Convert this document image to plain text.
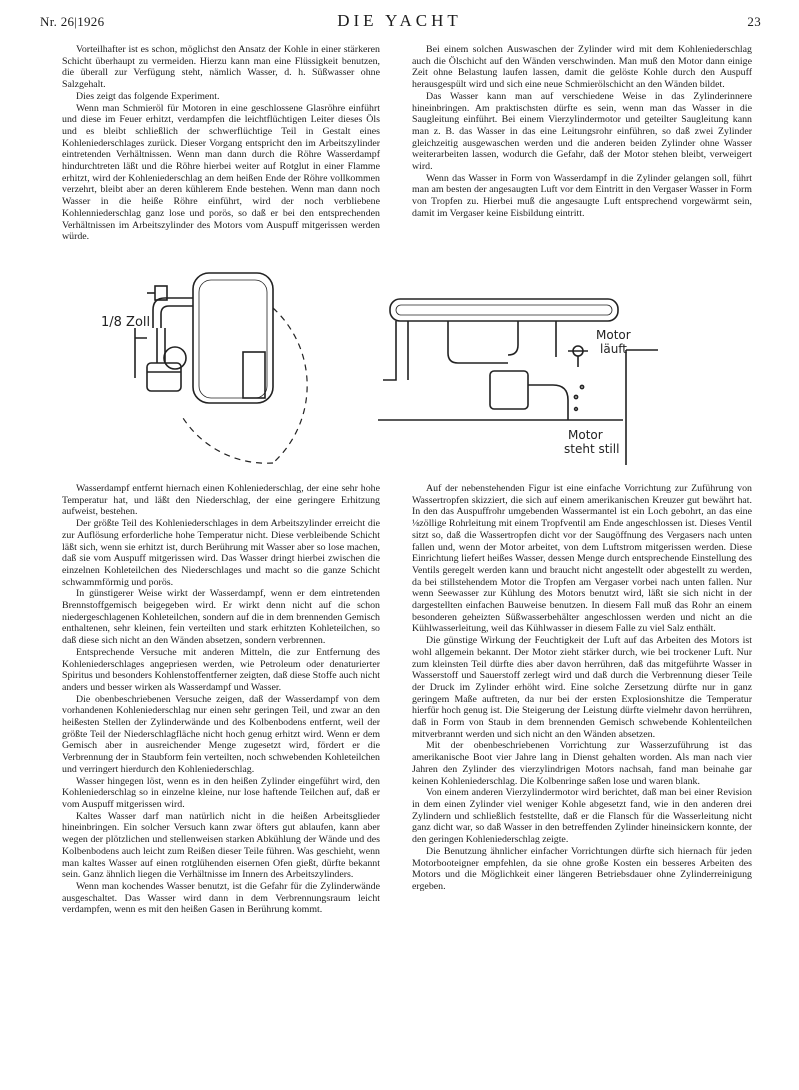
Nr. 26|1926	DIE YACHT	23

Vorteilhafter ist es schon, möglichst den Ansatz der Kohle in einer stärkeren Schicht überhaupt zu vermeiden. Hierzu kann man eine Flüssigkeit benutzen, die überall zur Verfügung steht, nämlich Wasser, d. h. Süßwasser ohne Salzgehalt.

Dies zeigt das folgende Experiment.

Wenn man Schmieröl für Motoren in eine geschlossene Glasröhre einführt und diese im Feuer erhitzt, verdampfen die leichtflüchtigen Leiter dieses Öls und es bleibt schließlich der schwerflüchtige Teil in Gestalt eines Kohleniederschlages zurück. Dieser Vorgang entspricht den im Arbeitszylinder eintretenden Verhältnissen. Wenn man dann durch die Röhre Wasserdampf hindurchtreten läßt und die Röhre hierbei weiter auf Rotglut in einer Flamme erhitzt, wird der Kohleniederschlag an dem heißen Ende der Röhre vollkommen verzehrt, bleibt aber an deren kühlerem Ende bestehen. Wenn man dann noch Wasser in die heiße Röhre einführt, wird der noch verbliebene Kohlenniederschlag ganz lose und porös, so daß er bei den entsprechenden Verhältnissen im Arbeitszylinder des Motors vom Auspuff mitgerissen werden würde.

Bei einem solchen Auswaschen der Zylinder wird mit dem Kohleniederschlag auch die Ölschicht auf den Wänden verschwinden. Man muß den Motor dann einige Zeit ohne Belastung laufen lassen, damit die gelöste Kohle durch den Auspuff herausgespült wird und sich eine neue Schmierölschicht an den Wänden bildet.

Das Wasser kann man auf verschiedene Weise in das Zylinderinnere hineinbringen. Am praktischsten dürfte es sein, wenn man das Wasser in die Saugleitung einführt. Bei einem Vierzylindermotor und geteilter Saugleitung kann man z. B. das Wasser in das eine Leitungsrohr einführen, so daß zwei Zylinder gleichzeitig ausgewaschen werden und die anderen beiden Zylinder ohne Wasser weiterarbeiten lassen, wodurch die Gefahr, daß der Motor stehen bleibt, verweigert wird.

Wenn das Wasser in Form von Wasserdampf in die Zylinder gelangen soll, führt man am besten der angesaugten Luft vor dem Eintritt in den Vergaser Wasser in Form von Tropfen zu. Hierbei muß die angesaugte Luft entsprechend vorgewärmt sein, damit im Vergaser keine Eisbildung eintritt.

1/8 Zoll
Motor
läuft
Motor
steht still

Wasserdampf entfernt hiernach einen Kohleniederschlag, der eine sehr hohe Temperatur hat, und läßt den Niederschlag, der eine geringere Erhitzung aufweist, bestehen.

Der größte Teil des Kohleniederschlages in dem Arbeitszylinder erreicht die zur Auflösung erforderliche hohe Temperatur nicht. Diese verbleibende Schicht läßt sich, wenn sie erhitzt ist, durch Berührung mit Wasser aber so lose machen, daß sie vom Auspuff mitgerissen wird. Das Wasser dringt hierbei zwischen die einzelnen Kohleteilchen des Niederschlages und macht so die ganze Schicht schwammförmig und porös.

In günstigerer Weise wirkt der Wasserdampf, wenn er dem eintretenden Brennstoffgemisch beigegeben wird. Er wirkt denn nicht auf die schon niedergeschlagenen Kohleteilchen, sondern auf die in dem brennenden Gemisch enthaltenen, sehr kleinen, fein verteilten und stark erhitzten Kohleteilchen, so daß diese sich nicht an den Wänden absetzen, sondern verbrennen.

Entsprechende Versuche mit anderen Mitteln, die zur Entfernung des Kohleniederschlages angepriesen werden, wie Petroleum oder denaturierter Spiritus und besonders Kohlenstoffentferner zeigten, daß diese Stoffe auch nicht anders und besser wirken als Wasserdampf und Wasser.

Die obenbeschriebenen Versuche zeigen, daß der Wasserdampf von dem vorhandenen Kohleniederschlag nur einen sehr geringen Teil, und zwar an den heißesten Stellen der Zylinderwände und des Kolbenbodens entfernt, weil der größte Teil der Niederschlagfläche nicht hoch genug erhitzt wird. Wenn er dem Gemisch aber in ausreichender Menge zugesetzt wird, fördert er die Verbrennung der in Staubform fein verteilten, noch schwebenden Kohleteilchen und verringert hierdurch den Kohleniederschlag.

Wasser hingegen löst, wenn es in den heißen Zylinder eingeführt wird, den Kohleniederschlag so in einzelne kleine, nur lose haftende Teilchen auf, daß er vom Auspuff mitgerissen wird.

Kaltes Wasser darf man natürlich nicht in die heißen Arbeitsglieder hineinbringen. Ein solcher Versuch kann zwar öfters gut ablaufen, kann aber wegen der plötzlichen und stellenweisen starken Abkühlung der Wände und des Kolbenbodens auch leicht zum Reißen dieser Teile führen. Was geschieht, wenn man kaltes Wasser auf einen rotglühenden eisernen Ofen gießt, dürfte bekannt sein. Ganz ähnlich liegen die Verhältnisse im Innern des Arbeitszylinders.

Wenn man kochendes Wasser benutzt, ist die Gefahr für die Zylinderwände ausgeschaltet. Das Wasser wird dann in dem Verbrennungsraum leicht verdampfen, wenn es mit den heißen Gasen in Berührung kommt.

Auf der nebenstehenden Figur ist eine einfache Vorrichtung zur Zuführung von Wassertropfen skizziert, die sich auf einem amerikanischen Kreuzer gut bewährt hat. In den das Auspuffrohr umgebenden Wassermantel ist ein Loch gebohrt, an das eine ⅛zöllige Rohrleitung mit einem Tropfventil am Ende angeschlossen ist. Dieses Ventil sitzt so, daß die Wassertropfen dicht vor der Saugöffnung des Vergasers nach unten fallen und, wenn der Motor arbeitet, von dem Luftstrom mitgerissen werden. Diese Einrichtung liefert heißes Wasser, dessen Menge durch entsprechende Einstellung des Ventils geregelt werden kann und braucht nicht angestellt oder abgestellt zu werden, da bei stillstehendem Motor die Tropfen am Vergaser vorbei nach unten fallen. Nur wenn Seewasser zur Kühlung des Motors benutzt wird, läßt sie sich nicht in der dargestellten einfachen Bauweise benutzen. In diesem Fall muß das Rohr an einem besonderen geheizten Süßwasserbehälter angeschlossen werden und nicht an die Kühlwasserleitung, weil das Kühlwasser in diesem Falle zu viel Salz enthält.

Die günstige Wirkung der Feuchtigkeit der Luft auf das Arbeiten des Motors ist wohl allgemein bekannt. Der Motor zieht stärker durch, wie bei trockener Luft. Nur zum kleinsten Teil dürfte dies aber davon herrühren, daß das mitgeführte Wasser in Wasserstoff und Sauerstoff zerlegt wird und daß durch die Verbrennung dieser Teile der Druck im Zylinder erhöht wird. Eine solche Zersetzung dürfte nur in ganz geringem Maße auftreten, da nur bei der ersten Explosionshitze die Temperatur hierfür hoch genug ist. Die Steigerung der Leistung dürfte vielmehr davon herrühren, daß in Form von Staub in dem brennenden Gemisch schwebende Kohlenteilchen mitverbrannt werden und sich nicht an den Wänden absetzen.

Mit der obenbeschriebenen Vorrichtung zur Wasserzuführung ist das amerikanische Boot vier Jahre lang in Dienst gehalten worden. Als man nach vier Jahren den Zylinder des vierzylindrigen Motors nachsah, fand man beinahe gar keinen Kohleniederschlag. Die Kolbenringe saßen lose und waren blank.

Von einem anderen Vierzylindermotor wird berichtet, daß man bei einer Revision in dem einen Zylinder viel weniger Kohle abgesetzt fand, wie in den anderen drei Zylindern und schließlich feststellte, daß er die Flansch für die Wasserleitung nicht ganz dicht war, so daß Wasser in den betreffenden Zylinder hineinsickern konnte, der den geringen Kohleniederschlag zeigte.

Die Benutzung ähnlicher einfacher Vorrichtungen dürfte sich hiernach für jeden Motorbooteigner empfehlen, da sie ohne große Kosten ein besseres Arbeiten des Motors und die Möglichkeit einer längeren Betriebsdauer ohne Zylinderreinigung ergeben.
